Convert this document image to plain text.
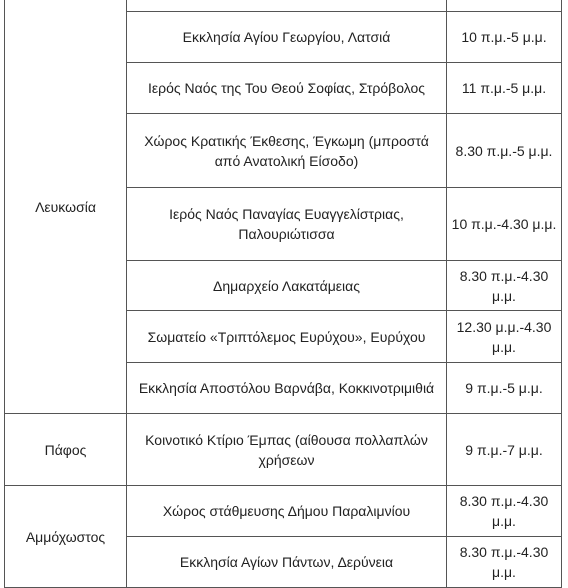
Λευκωσία		
	Εκκλησία Αγίου Γεωργίου, Λατσιά	10 π.μ.-5 μ.μ.
	Ιερός Ναός της Του Θεού Σοφίας, Στρόβολος	11 π.μ.-5 μ.μ.
	Χώρος Κρατικής Έκθεσης, Έγκωμη (μπροστά από Ανατολική Είσοδο)	8.30 π.μ.-5 μ.μ.
	Ιερός Ναός Παναγίας Ευαγγελίστριας, Παλουριώτισσα	10 π.μ.-4.30 μ.μ.
	Δημαρχείο Λακατάμειας	8.30 π.μ.-4.30 μ.μ.
	Σωματείο «Τριπτόλεμος Ευρύχου», Ευρύχου	12.30 μ.μ.-4.30 μ.μ.
	Εκκλησία Αποστόλου Βαρνάβα, Κοκκινοτριμιθιά	9 π.μ.-5 μ.μ.
Πάφος	Κοινοτικό Κτίριο Έμπας (αίθουσα πολλαπλών χρήσεων	9 π.μ.-7 μ.μ.
Αμμόχωστος	Χώρος στάθμευσης Δήμου Παραλιμνίου	8.30 π.μ.-4.30 μ.μ.
	Εκκλησία Αγίων Πάντων, Δερύνεια	8.30 π.μ.-4.30 μ.μ.
